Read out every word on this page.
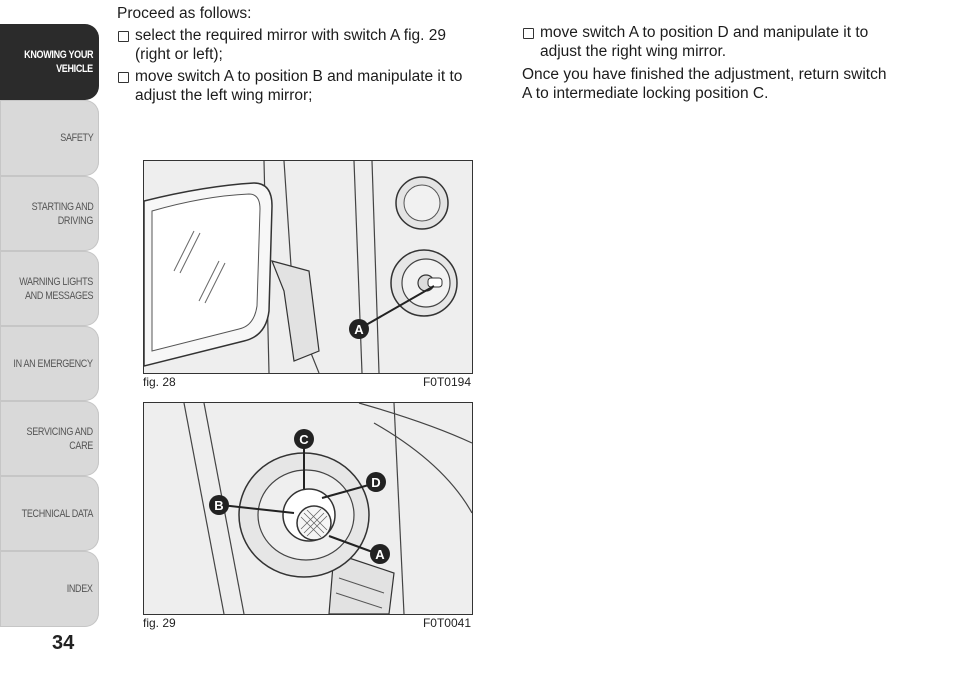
KNOWING YOUR
VEHICLE
SAFETY
STARTING AND
DRIVING
WARNING LIGHTS
AND MESSAGES
IN AN EMERGENCY
SERVICING AND
CARE
TECHNICAL DATA
INDEX
34

Proceed as follows:

select the required mirror with switch A fig. 29
(right or left);
move switch A to position B and manipulate it to
adjust the left wing mirror;
move switch A to position D and manipulate it to
adjust the right wing mirror.

Once you have finished the adjustment, return switch
A to intermediate locking position C.

A
fig. 28	F0T0194
C
D
B
A
fig. 29	F0T0041
